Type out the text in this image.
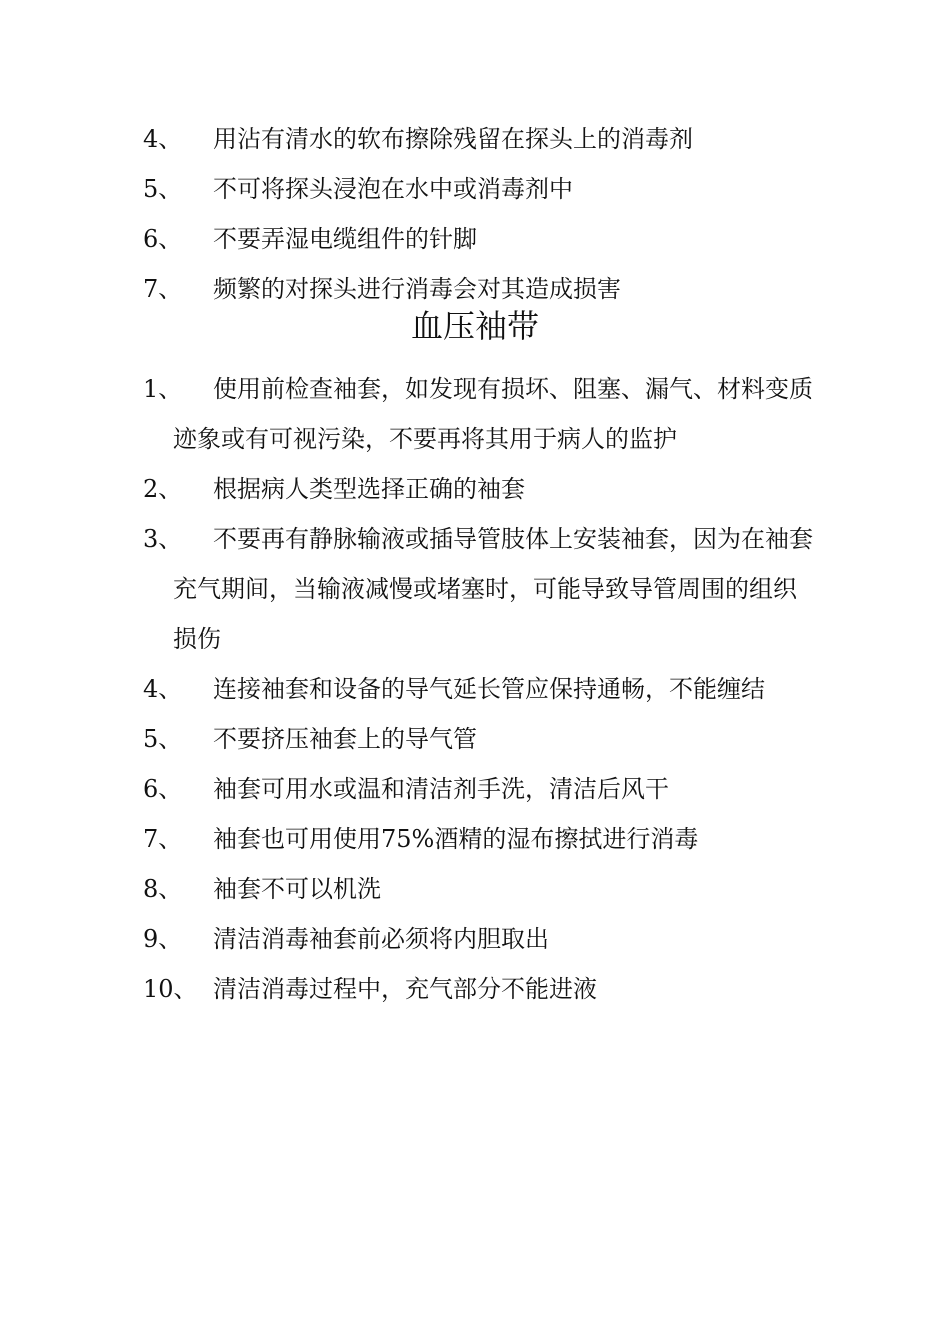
4、	用沾有清水的软布擦除残留在探头上的消毒剂
5、	不可将探头浸泡在水中或消毒剂中
6、	不要弄湿电缆组件的针脚
7、	频繁的对探头进行消毒会对其造成损害
血压袖带
1、	使用前检查袖套，如发现有损坏、阻塞、漏气、材料变质迹象或有可视污染，不要再将其用于病人的监护
2、	根据病人类型选择正确的袖套
3、	不要再有静脉输液或插导管肢体上安装袖套，因为在袖套充气期间，当输液减慢或堵塞时，可能导致导管周围的组织损伤
4、	连接袖套和设备的导气延长管应保持通畅，不能缠结
5、	不要挤压袖套上的导气管
6、	袖套可用水或温和清洁剂手洗，清洁后风干
7、	袖套也可用使用75%酒精的湿布擦拭进行消毒
8、	袖套不可以机洗
9、	清洁消毒袖套前必须将内胆取出
10、 清洁消毒过程中，充气部分不能进液
